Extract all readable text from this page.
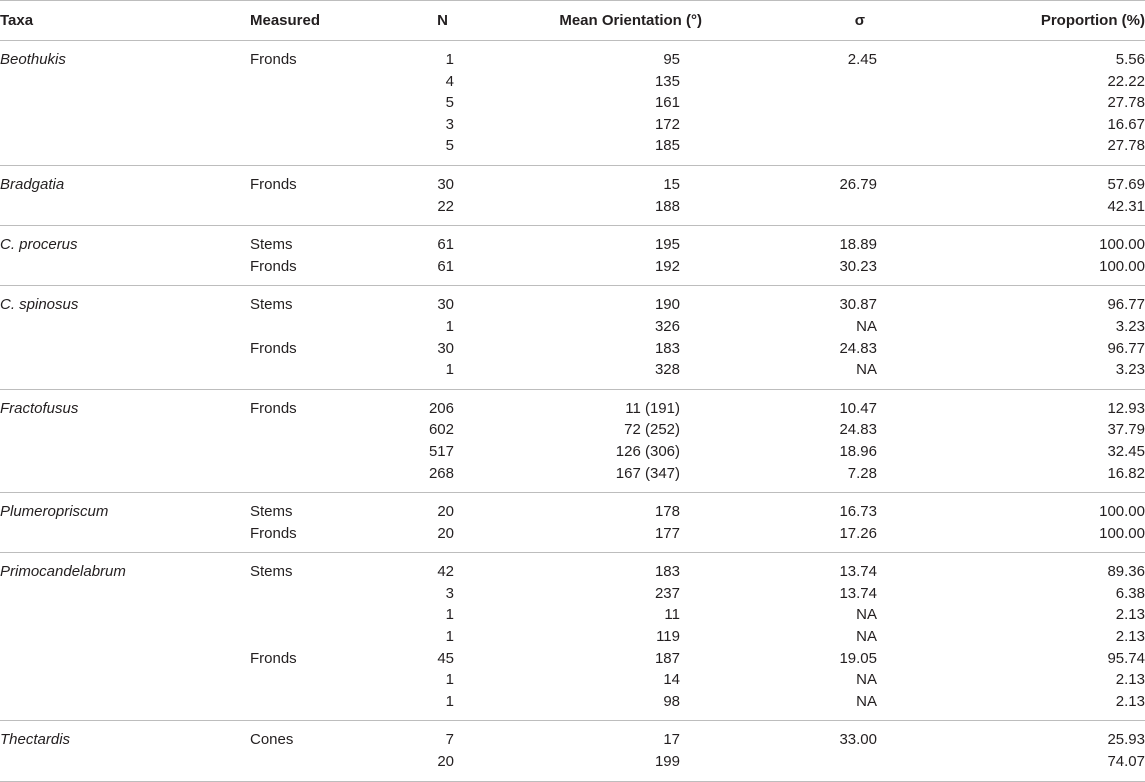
Taxa	Measured	N	Mean Orientation (°)	σ	Proportion (%)
Beothukis	Fronds	1	95	2.45	5.56
		4	135		22.22
		5	161		27.78
		3	172		16.67
		5	185		27.78
Bradgatia	Fronds	30	15	26.79	57.69
		22	188		42.31
C. procerus	Stems	61	195	18.89	100.00
	Fronds	61	192	30.23	100.00
C. spinosus	Stems	30	190	30.87	96.77
		1	326	NA	3.23
	Fronds	30	183	24.83	96.77
		1	328	NA	3.23
Fractofusus	Fronds	206	11 (191)	10.47	12.93
		602	72 (252)	24.83	37.79
		517	126 (306)	18.96	32.45
		268	167 (347)	7.28	16.82
Plumeropriscum	Stems	20	178	16.73	100.00
	Fronds	20	177	17.26	100.00
Primocandelabrum	Stems	42	183	13.74	89.36
		3	237	13.74	6.38
		1	11	NA	2.13
		1	119	NA	2.13
	Fronds	45	187	19.05	95.74
		1	14	NA	2.13
		1	98	NA	2.13
Thectardis	Cones	7	17	33.00	25.93
		20	199		74.07
